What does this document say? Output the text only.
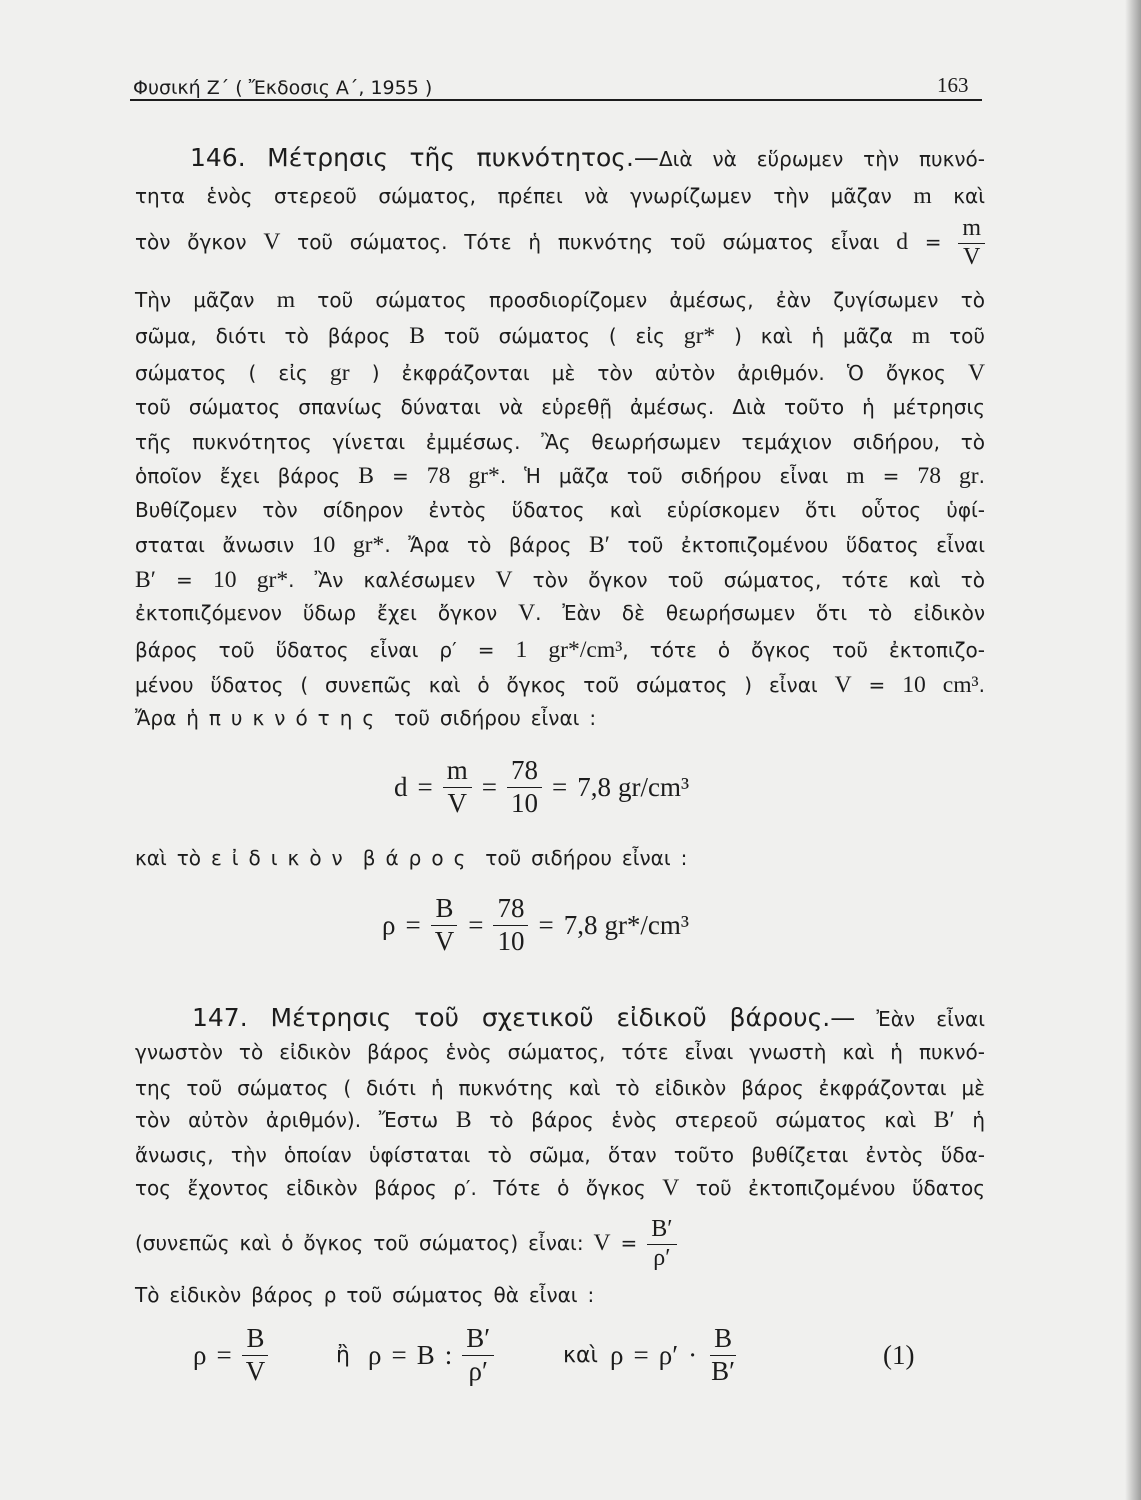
Φυσική Ζ΄ ( Ἔκδοσις Α΄, 1955 )	163
146. Μέτρησις τῆς πυκνότητος.—Διὰ νὰ εὕρωμεν τὴν πυκνό-
τητα ἑνὸς στερεοῦ σώματος, πρέπει νὰ γνωρίζωμεν τὴν μᾶζαν m καὶ
τὸν ὄγκον V τοῦ σώματος. Τότε ἡ πυκνότης τοῦ σώματος εἶναι $d = \frac{m}{V}$
Τὴν μᾶζαν m τοῦ σώματος προσδιορίζομεν ἀμέσως, ἐὰν ζυγίσωμεν τὸ
σῶμα, διότι τὸ βάρος B τοῦ σώματος ( εἰς gr* ) καὶ ἡ μᾶζα m τοῦ
σώματος ( εἰς gr ) ἐκφράζονται μὲ τὸν αὐτὸν ἀριθμόν. Ὁ ὄγκος V
τοῦ σώματος σπανίως δύναται νὰ εὑρεθῇ ἀμέσως. Διὰ τοῦτο ἡ μέτρησις
τῆς πυκνότητος γίνεται ἐμμέσως. Ἂς θεωρήσωμεν τεμάχιον σιδήρου, τὸ
ὁποῖον ἔχει βάρος B = 78 gr*. Ἡ μᾶζα τοῦ σιδήρου εἶναι m = 78 gr.
Βυθίζομεν τὸν σίδηρον ἐντὸς ὕδατος καὶ εὑρίσκομεν ὅτι οὗτος ὑφί-
σταται ἄνωσιν 10 gr*. Ἄρα τὸ βάρος B′ τοῦ ἐκτοπιζομένου ὕδατος εἶναι
B′ = 10 gr*. Ἂν καλέσωμεν V τὸν ὄγκον τοῦ σώματος, τότε καὶ τὸ
ἐκτοπιζόμενον ὕδωρ ἔχει ὄγκον V. Ἐὰν δὲ θεωρήσωμεν ὅτι τὸ εἰδικὸν
βάρος τοῦ ὕδατος εἶναι ρ′ = 1 gr*/cm³, τότε ὁ ὄγκος τοῦ ἐκτοπιζο-
μένου ὕδατος ( συνεπῶς καὶ ὁ ὄγκος τοῦ σώματος ) εἶναι V = 10 cm³.
Ἄρα ἡ πυκνότης τοῦ σιδήρου εἶναι :
$d = \frac{m}{V} = \frac{78}{10} = 7,8$ gr/cm³
καὶ τὸ εἰδικὸν βάρος τοῦ σιδήρου εἶναι :
$\rho = \frac{B}{V} = \frac{78}{10} = 7,8$ gr*/cm³
147. Μέτρησις τοῦ σχετικοῦ εἰδικοῦ βάρους.— Ἐὰν εἶναι
γνωστὸν τὸ εἰδικὸν βάρος ἑνὸς σώματος, τότε εἶναι γνωστὴ καὶ ἡ πυκνό-
της τοῦ σώματος ( διότι ἡ πυκνότης καὶ τὸ εἰδικὸν βάρος ἐκφράζονται μὲ
τὸν αὐτὸν ἀριθμόν). Ἔστω B τὸ βάρος ἑνὸς στερεοῦ σώματος καὶ B′ ἡ
ἄνωσις, τὴν ὁποίαν ὑφίσταται τὸ σῶμα, ὅταν τοῦτο βυθίζεται ἐντὸς ὕδα-
τος ἔχοντος εἰδικὸν βάρος ρ′. Τότε ὁ ὄγκος V τοῦ ἐκτοπιζομένου ὕδατος
(συνεπῶς καὶ ὁ ὄγκος τοῦ σώματος) εἶναι: $V = \frac{B'}{\rho'}$
Τὸ εἰδικὸν βάρος ρ τοῦ σώματος θὰ εἶναι :
$\rho = \frac{B}{V}$	ἢ ρ = B : $\frac{B'}{\rho'}$	καὶ $\rho = \rho' \cdot \frac{B}{B'}$	(1)
